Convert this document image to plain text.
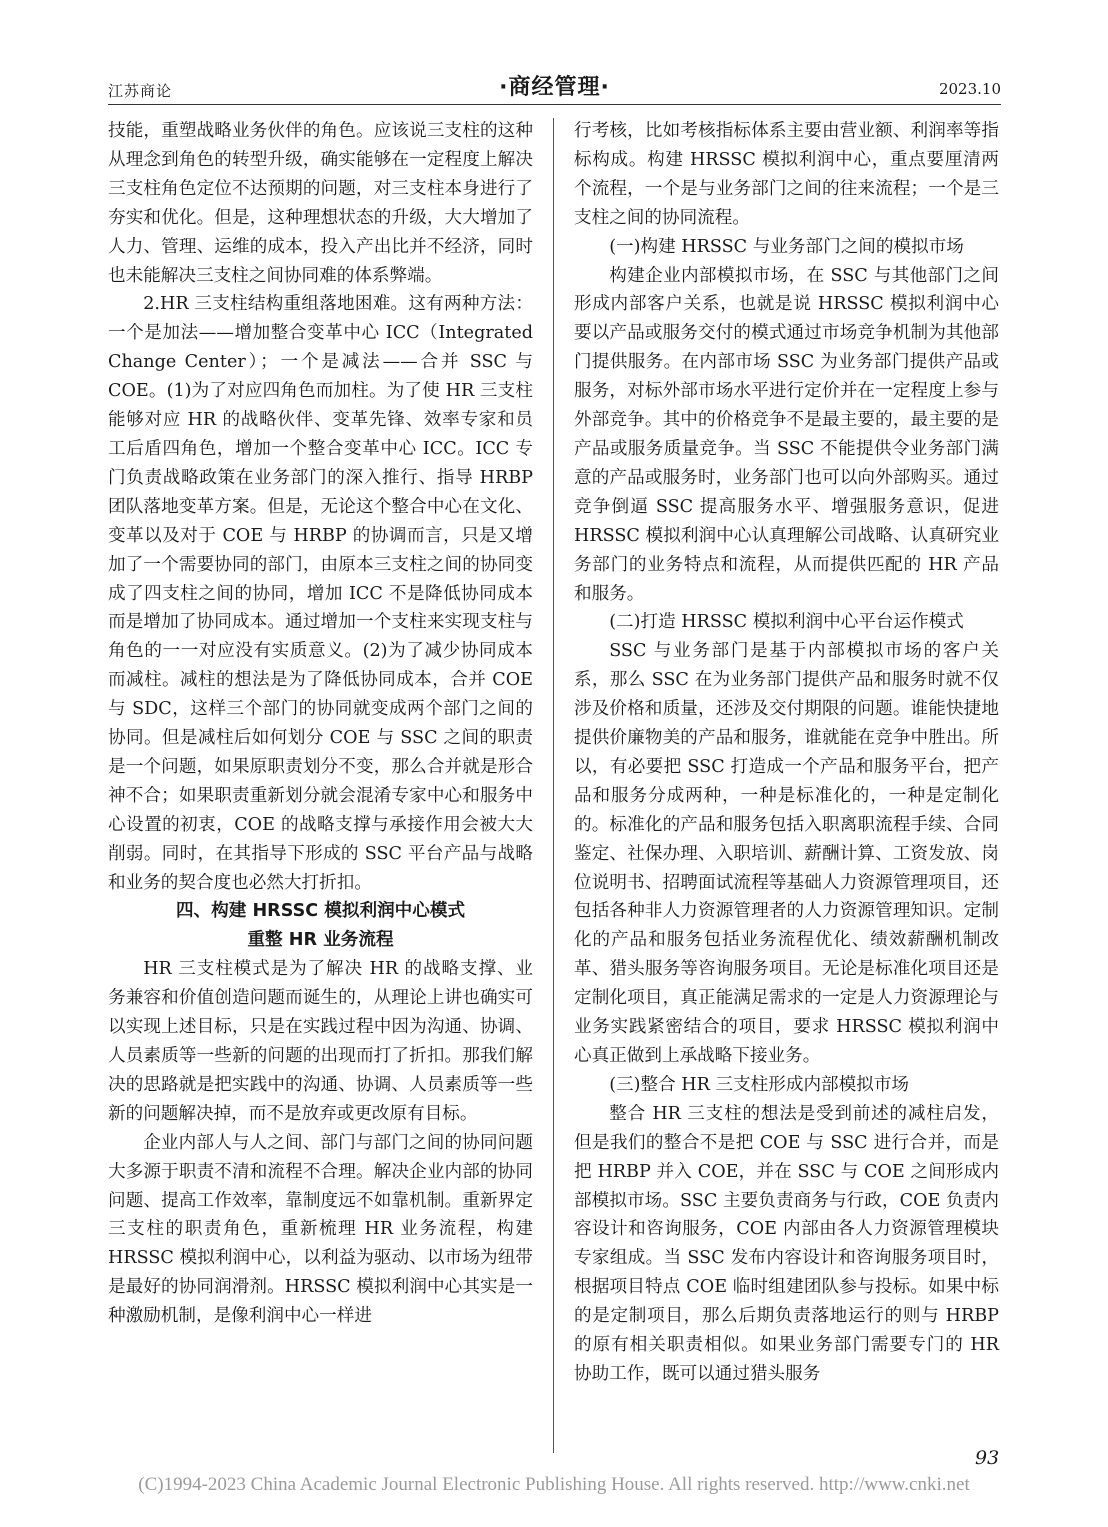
江苏商论	·商经管理·	2023.10

技能，重塑战略业务伙伴的角色。应该说三支柱的这种从理念到角色的转型升级，确实能够在一定程度上解决三支柱角色定位不达预期的问题，对三支柱本身进行了夯实和优化。但是，这种理想状态的升级，大大增加了人力、管理、运维的成本，投入产出比并不经济，同时也未能解决三支柱之间协同难的体系弊端。

2.HR 三支柱结构重组落地困难。这有两种方法：一个是加法——增加整合变革中心 ICC（Integrated Change Center）；一个是减法——合并 SSC 与 COE。(1)为了对应四角色而加柱。为了使 HR 三支柱能够对应 HR 的战略伙伴、变革先锋、效率专家和员工后盾四角色，增加一个整合变革中心 ICC。ICC 专门负责战略政策在业务部门的深入推行、指导 HRBP 团队落地变革方案。但是，无论这个整合中心在文化、变革以及对于 COE 与 HRBP 的协调而言，只是又增加了一个需要协同的部门，由原本三支柱之间的协同变成了四支柱之间的协同，增加 ICC 不是降低协同成本而是增加了协同成本。通过增加一个支柱来实现支柱与角色的一一对应没有实质意义。(2)为了减少协同成本而减柱。减柱的想法是为了降低协同成本，合并 COE 与 SDC，这样三个部门的协同就变成两个部门之间的协同。但是减柱后如何划分 COE 与 SSC 之间的职责是一个问题，如果原职责划分不变，那么合并就是形合神不合；如果职责重新划分就会混淆专家中心和服务中心设置的初衷，COE 的战略支撑与承接作用会被大大削弱。同时，在其指导下形成的 SSC 平台产品与战略和业务的契合度也必然大打折扣。

四、构建 HRSSC 模拟利润中心模式

重整 HR 业务流程

HR 三支柱模式是为了解决 HR 的战略支撑、业务兼容和价值创造问题而诞生的，从理论上讲也确实可以实现上述目标，只是在实践过程中因为沟通、协调、人员素质等一些新的问题的出现而打了折扣。那我们解决的思路就是把实践中的沟通、协调、人员素质等一些新的问题解决掉，而不是放弃或更改原有目标。

企业内部人与人之间、部门与部门之间的协同问题大多源于职责不清和流程不合理。解决企业内部的协同问题、提高工作效率，靠制度远不如靠机制。重新界定三支柱的职责角色，重新梳理 HR 业务流程，构建 HRSSC 模拟利润中心，以利益为驱动、以市场为纽带是最好的协同润滑剂。HRSSC 模拟利润中心其实是一种激励机制，是像利润中心一样进

行考核，比如考核指标体系主要由营业额、利润率等指标构成。构建 HRSSC 模拟利润中心，重点要厘清两个流程，一个是与业务部门之间的往来流程；一个是三支柱之间的协同流程。

(一)构建 HRSSC 与业务部门之间的模拟市场

构建企业内部模拟市场，在 SSC 与其他部门之间形成内部客户关系，也就是说 HRSSC 模拟利润中心要以产品或服务交付的模式通过市场竞争机制为其他部门提供服务。在内部市场 SSC 为业务部门提供产品或服务，对标外部市场水平进行定价并在一定程度上参与外部竞争。其中的价格竞争不是最主要的，最主要的是产品或服务质量竞争。当 SSC 不能提供令业务部门满意的产品或服务时，业务部门也可以向外部购买。通过竞争倒逼 SSC 提高服务水平、增强服务意识，促进 HRSSC 模拟利润中心认真理解公司战略、认真研究业务部门的业务特点和流程，从而提供匹配的 HR 产品和服务。

(二)打造 HRSSC 模拟利润中心平台运作模式

SSC 与业务部门是基于内部模拟市场的客户关系，那么 SSC 在为业务部门提供产品和服务时就不仅涉及价格和质量，还涉及交付期限的问题。谁能快捷地提供价廉物美的产品和服务，谁就能在竞争中胜出。所以，有必要把 SSC 打造成一个产品和服务平台，把产品和服务分成两种，一种是标准化的，一种是定制化的。标准化的产品和服务包括入职离职流程手续、合同鉴定、社保办理、入职培训、薪酬计算、工资发放、岗位说明书、招聘面试流程等基础人力资源管理项目，还包括各种非人力资源管理者的人力资源管理知识。定制化的产品和服务包括业务流程优化、绩效薪酬机制改革、猎头服务等咨询服务项目。无论是标准化项目还是定制化项目，真正能满足需求的一定是人力资源理论与业务实践紧密结合的项目，要求 HRSSC 模拟利润中心真正做到上承战略下接业务。

(三)整合 HR 三支柱形成内部模拟市场

整合 HR 三支柱的想法是受到前述的减柱启发，但是我们的整合不是把 COE 与 SSC 进行合并，而是把 HRBP 并入 COE，并在 SSC 与 COE 之间形成内部模拟市场。SSC 主要负责商务与行政，COE 负责内容设计和咨询服务，COE 内部由各人力资源管理模块专家组成。当 SSC 发布内容设计和咨询服务项目时，根据项目特点 COE 临时组建团队参与投标。如果中标的是定制项目，那么后期负责落地运行的则与 HRBP 的原有相关职责相似。如果业务部门需要专门的 HR 协助工作，既可以通过猎头服务

93
(C)1994-2023 China Academic Journal Electronic Publishing House. All rights reserved. http://www.cnki.net
